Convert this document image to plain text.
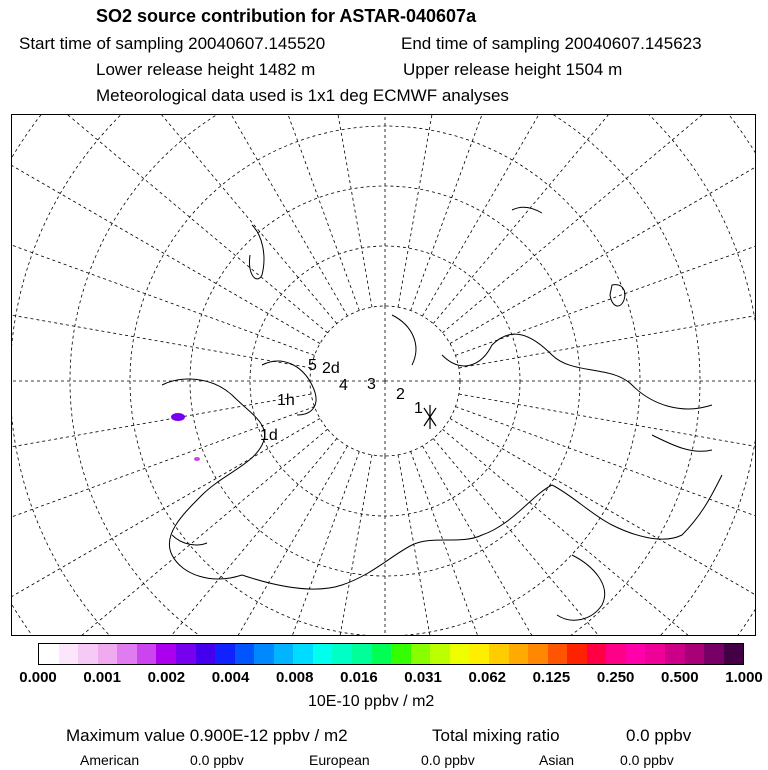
SO2 source contribution for ASTAR-040607a
Start time of sampling 20040607.145520	End time of sampling 20040607.145623
Lower release height 1482 m	Upper release height 1504 m
Meteorological data used is 1x1 deg ECMWF analyses
5 2d
3
2
1
4
1h
1d
0.000 0.001 0.002 0.004 0.008 0.016 0.031 0.062 0.125 0.250 0.500 1.000
10E-10 ppbv / m2
Maximum value 0.900E-12 ppbv / m2	Total mixing ratio	0.0 ppbv
American	0.0 ppbv	European	0.0 ppbv	Asian	0.0 ppbv
